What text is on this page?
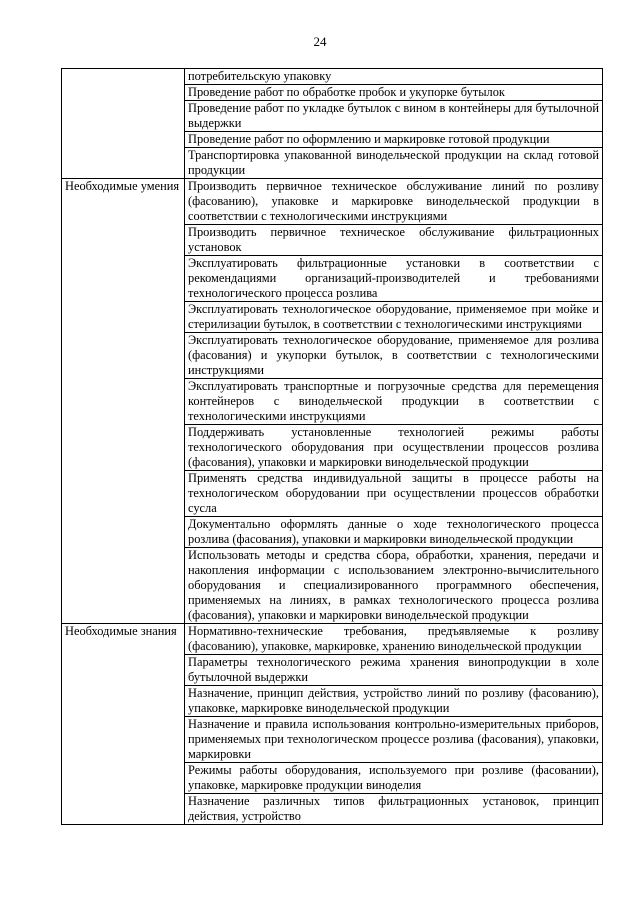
24
	потребительскую упаковку
	Проведение работ по обработке пробок и укупорке бутылок
	Проведение работ по укладке бутылок с вином в контейнеры для бутылочной выдержки
	Проведение работ по оформлению и маркировке готовой продукции
	Транспортировка упакованной винодельческой продукции на склад готовой продукции
Необходимые умения	Производить первичное техническое обслуживание линий по розливу (фасованию), упаковке и маркировке винодельческой продукции в соответствии с технологическими инструкциями
	Производить первичное техническое обслуживание фильтрационных установок
	Эксплуатировать фильтрационные установки в соответствии с рекомендациями организаций-производителей и требованиями технологического процесса розлива
	Эксплуатировать технологическое оборудование, применяемое при мойке и стерилизации бутылок, в соответствии с технологическими инструкциями
	Эксплуатировать технологическое оборудование, применяемое для розлива (фасования) и укупорки бутылок, в соответствии с технологическими инструкциями
	Эксплуатировать транспортные и погрузочные средства для перемещения контейнеров с винодельческой продукции в соответствии с технологическими инструкциями
	Поддерживать установленные технологией режимы работы технологического оборудования при осуществлении процессов розлива (фасования), упаковки и маркировки винодельческой продукции
	Применять средства индивидуальной защиты в процессе работы на технологическом оборудовании при осуществлении процессов обработки сусла
	Документально оформлять данные о ходе технологического процесса розлива (фасования), упаковки и маркировки винодельческой продукции
	Использовать методы и средства сбора, обработки, хранения, передачи и накопления информации с использованием электронно-вычислительного оборудования и специализированного программного обеспечения, применяемых на линиях, в рамках технологического процесса розлива (фасования), упаковки и маркировки винодельческой продукции
Необходимые знания	Нормативно-технические требования, предъявляемые к розливу (фасованию), упаковке, маркировке, хранению винодельческой продукции
	Параметры технологического режима хранения винопродукции в холе бутылочной выдержки
	Назначение, принцип действия, устройство линий по розливу (фасованию), упаковке, маркировке винодельческой продукции
	Назначение и правила использования контрольно-измерительных приборов, применяемых при технологическом процессе розлива (фасования), упаковки, маркировки
	Режимы работы оборудования, используемого при розливе (фасовании), упаковке, маркировке продукции виноделия
	Назначение различных типов фильтрационных установок, принцип действия, устройство
